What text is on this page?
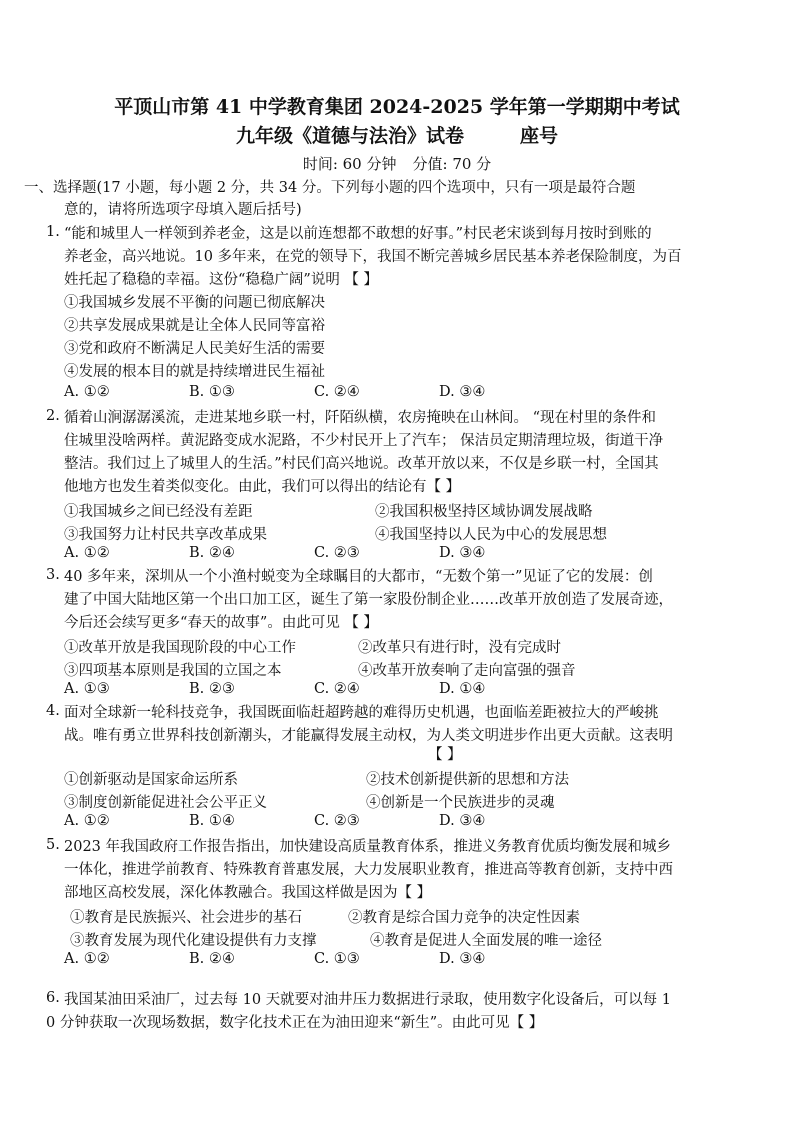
平顶山市第 41 中学教育集团 2024-2025 学年第一学期期中考试
九年级《道德与法治》试卷	座号
时间: 60 分钟 分值: 70 分
一、选择题(17 小题，每小题 2 分，共 34 分。下列每小题的四个选项中，只有一项是最符合题
意的，请将所选项字母填入题后括号)
1. “能和城里人一样领到养老金，这是以前连想都不敢想的好事。”村民老宋谈到每月按时到账的
养老金，高兴地说。10 多年来，在党的领导下，我国不断完善城乡居民基本养老保险制度，为百
姓托起了稳稳的幸福。这份“稳稳广阔”说明 【 】
①我国城乡发展不平衡的问题已彻底解决
②共享发展成果就是让全体人民同等富裕
③党和政府不断满足人民美好生活的需要
④发展的根本目的就是持续增进民生福祉
A. ①②	B. ①③	C. ②④	D. ③④
2. 循着山涧潺潺溪流，走进某地乡联一村，阡陌纵横，农房掩映在山林间。 “现在村里的条件和
住城里没啥两样。黄泥路变成水泥路，不少村民开上了汽车； 保洁员定期清理垃圾，街道干净
整洁。我们过上了城里人的生活。”村民们高兴地说。改革开放以来，不仅是乡联一村，全国其
他地方也发生着类似变化。由此，我们可以得出的结论有【 】
①我国城乡之间已经没有差距	②我国积极坚持区域协调发展战略
③我国努力让村民共享改革成果	④我国坚持以人民为中心的发展思想
A. ①②	B. ②④	C. ②③	D. ③④
3. 40 多年来，深圳从一个小渔村蜕变为全球瞩目的大都市，“无数个第一”见证了它的发展：创
建了中国大陆地区第一个出口加工区，诞生了第一家股份制企业……改革开放创造了发展奇迹，
今后还会续写更多“春天的故事”。由此可见 【 】
①改革开放是我国现阶段的中心工作	②改革只有进行时，没有完成时
③四项基本原则是我国的立国之本	④改革开放奏响了走向富强的强音
A. ①③	B. ②③	C. ②④	D. ①④
4. 面对全球新一轮科技竞争，我国既面临赶超跨越的难得历史机遇，也面临差距被拉大的严峻挑
战。唯有勇立世界科技创新潮头，才能赢得发展主动权，为人类文明进步作出更大贡献。这表明
【 】
①创新驱动是国家命运所系	②技术创新提供新的思想和方法
③制度创新能促进社会公平正义	④创新是一个民族进步的灵魂
A. ①②	B. ①④	C. ②③	D. ③④
5. 2023 年我国政府工作报告指出，加快建设高质量教育体系，推进义务教育优质均衡发展和城乡
一体化，推进学前教育、特殊教育普惠发展，大力发展职业教育，推进高等教育创新，支持中西
部地区高校发展，深化体教融合。我国这样做是因为【 】
①教育是民族振兴、社会进步的基石	②教育是综合国力竞争的决定性因素
③教育发展为现代化建设提供有力支撑	④教育是促进人全面发展的唯一途径
A. ①②	B. ②④	C. ①③	D. ③④
6. 我国某油田采油厂，过去每 10 天就要对油井压力数据进行录取，使用数字化设备后，可以每 1
0 分钟获取一次现场数据，数字化技术正在为油田迎来“新生”。由此可见【 】
